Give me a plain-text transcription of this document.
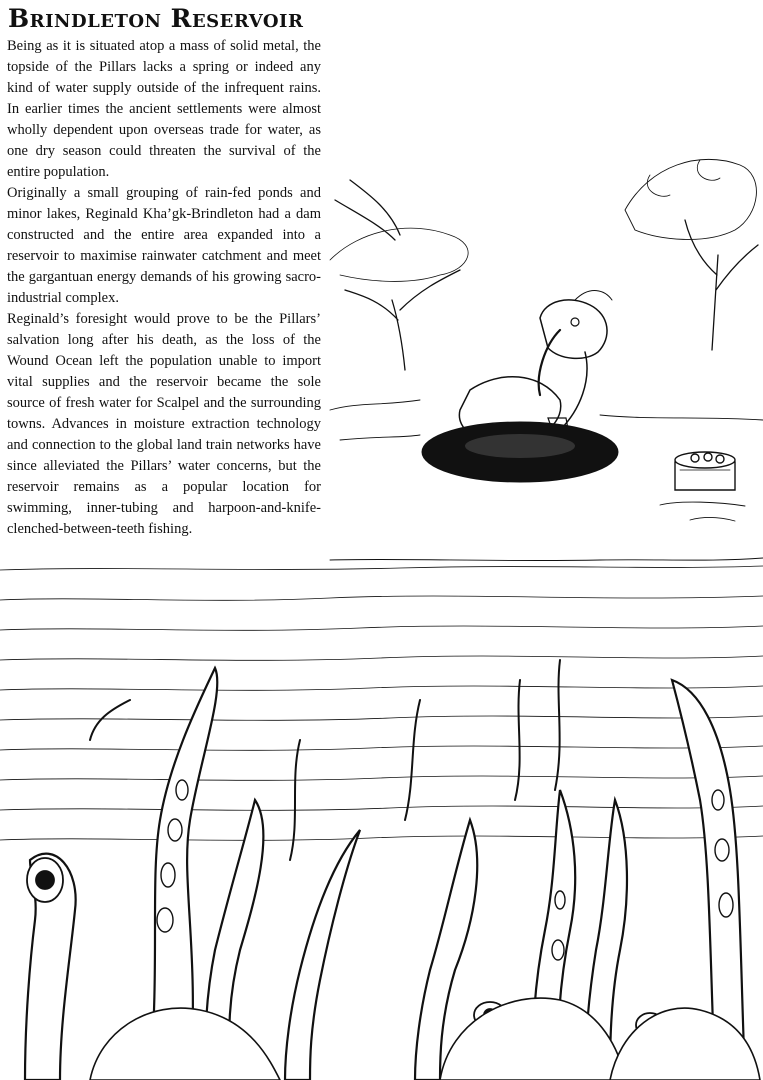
Brindleton Reservoir

Being as it is situated atop a mass of solid metal, the topside of the Pillars lacks a spring or indeed any kind of water supply outside of the infrequent rains. In earlier times the ancient settlements were almost wholly dependent upon overseas trade for water, as one dry season could threaten the survival of the entire population.

Originally a small grouping of rain-fed ponds and minor lakes, Reginald Kha’gk-Brindleton had a dam constructed and the entire area expanded into a reservoir to maximise rainwater catchment and meet the gargantuan energy demands of his growing sacro-industrial complex.

Reginald’s foresight would prove to be the Pillars’ salvation long after his death, as the loss of the Wound Ocean left the population unable to import vital supplies and the reservoir became the sole source of fresh water for Scalpel and the surrounding towns. Advances in moisture extraction technology and connection to the global land train networks have since alleviated the Pillars’ water concerns, but the reservoir remains as a popular location for swimming, inner-tubing and harpoon-and-knife-clenched-between-teeth fishing.
